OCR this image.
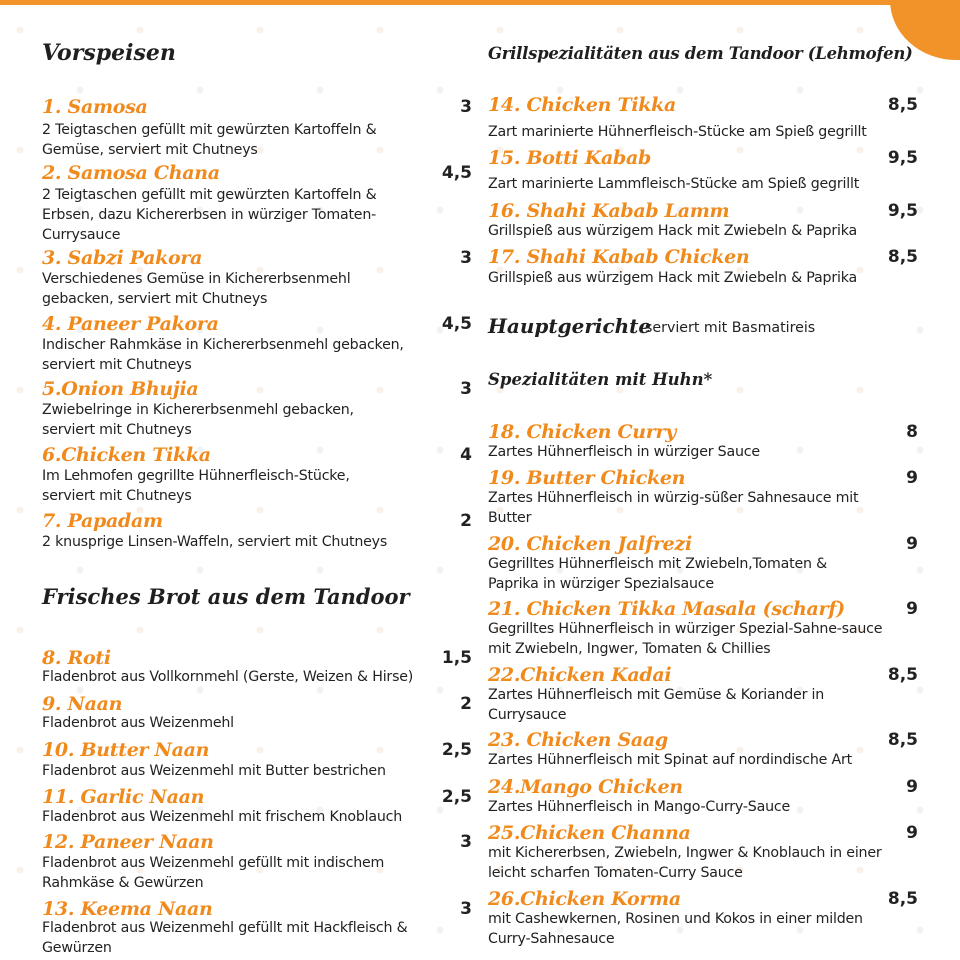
Vorspeisen
1. Samosa	3
2 Teigtaschen gefüllt mit gewürzten Kartoffeln & Gemüse, serviert mit Chutneys
2. Samosa Chana	4,5
2 Teigtaschen gefüllt mit gewürzten Kartoffeln & Erbsen, dazu Kichererbsen in würziger Tomaten-Currysauce
3. Sabzi Pakora	3
Verschiedenes Gemüse in Kichererbsenmehl gebacken, serviert mit Chutneys
4. Paneer Pakora	4,5
Indischer Rahmkäse in Kichererbsenmehl gebacken, serviert mit Chutneys
5.Onion Bhujia	3
Zwiebelringe in Kichererbsenmehl gebacken, serviert mit Chutneys
6.Chicken Tikka	4
Im Lehmofen gegrillte Hühnerfleisch-Stücke, serviert mit Chutneys
7. Papadam	2
2 knusprige Linsen-Waffeln, serviert mit Chutneys
Frisches Brot aus dem Tandoor
8. Roti	1,5
Fladenbrot aus Vollkornmehl (Gerste, Weizen & Hirse)
9. Naan	2
Fladenbrot aus Weizenmehl
10. Butter Naan	2,5
Fladenbrot aus Weizenmehl mit Butter bestrichen
11. Garlic Naan	2,5
Fladenbrot aus Weizenmehl mit frischem Knoblauch
12. Paneer Naan	3
Fladenbrot aus Weizenmehl gefüllt mit indischem Rahmkäse & Gewürzen
13. Keema Naan	3
Fladenbrot aus Weizenmehl gefüllt mit Hackfleisch & Gewürzen
Grillspezialitäten aus dem Tandoor (Lehmofen)
14. Chicken Tikka	8,5
Zart marinierte Hühnerfleisch-Stücke am Spieß gegrillt
15. Botti Kabab	9,5
Zart marinierte Lammfleisch-Stücke am Spieß gegrillt
16. Shahi Kabab Lamm	9,5
Grillspieß aus würzigem Hack mit Zwiebeln & Paprika
17. Shahi Kabab Chicken	8,5
Grillspieß aus würzigem Hack mit Zwiebeln & Paprika
Hauptgerichte
serviert mit Basmatireis
Spezialitäten mit Huhn*
18. Chicken Curry	8
Zartes Hühnerfleisch in würziger Sauce
19. Butter Chicken	9
Zartes Hühnerfleisch in würzig-süßer Sahnesauce mit Butter
20. Chicken Jalfrezi	9
Gegrilltes Hühnerfleisch mit Zwiebeln,Tomaten & Paprika in würziger Spezialsauce
21. Chicken Tikka Masala (scharf)	9
Gegrilltes Hühnerfleisch in würziger Spezial-Sahne-sauce mit Zwiebeln, Ingwer, Tomaten & Chillies
22.Chicken Kadai	8,5
Zartes Hühnerfleisch mit Gemüse & Koriander in Currysauce
23. Chicken Saag	8,5
Zartes Hühnerfleisch mit Spinat auf nordindische Art
24.Mango Chicken	9
Zartes Hühnerfleisch in Mango-Curry-Sauce
25.Chicken Channa	9
mit Kichererbsen, Zwiebeln, Ingwer & Knoblauch in einer leicht scharfen Tomaten-Curry Sauce
26.Chicken Korma	8,5
mit Cashewkernen, Rosinen und Kokos in einer milden Curry-Sahnesauce
